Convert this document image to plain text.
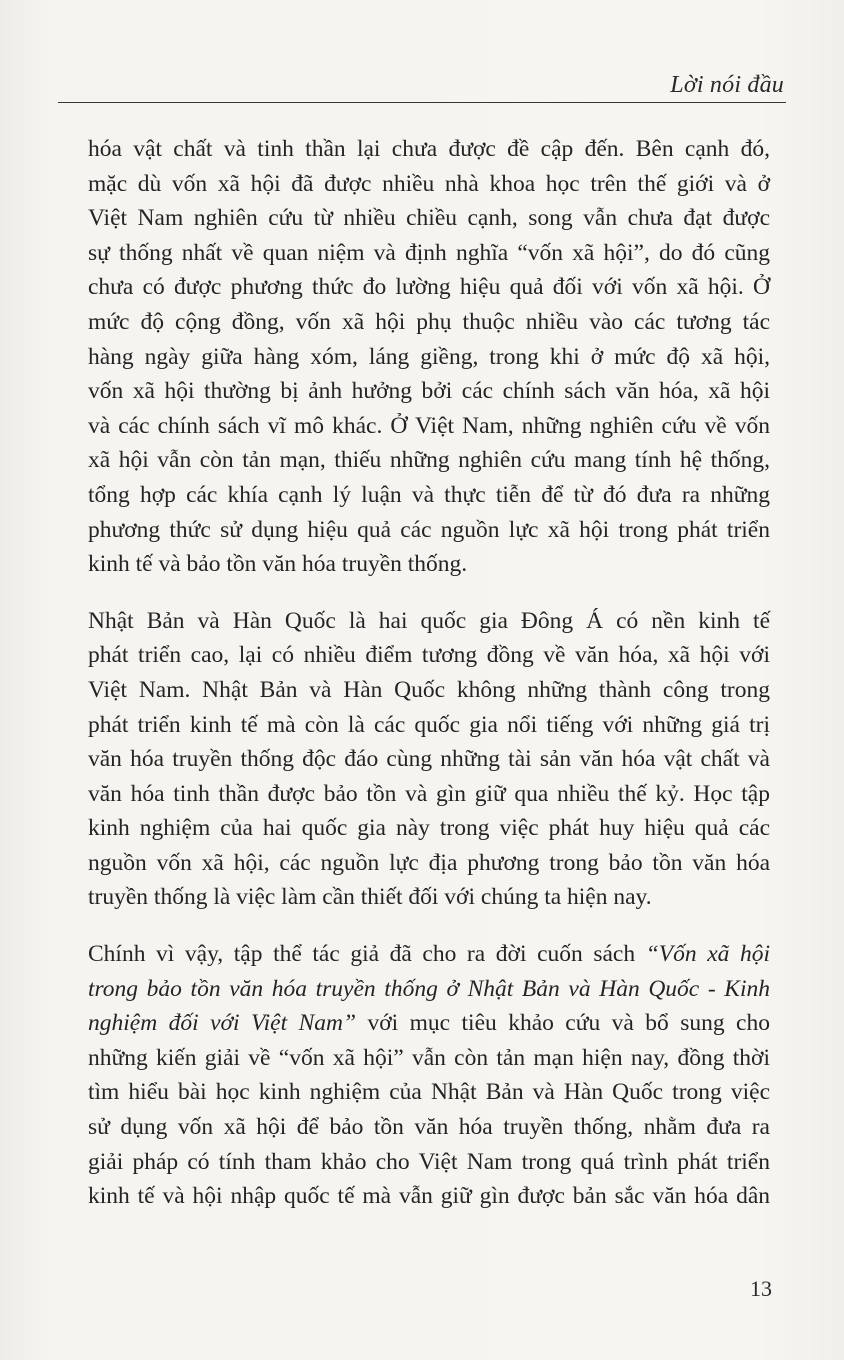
Lời nói đầu

hóa vật chất và tinh thần lại chưa được đề cập đến. Bên cạnh đó,

mặc dù vốn xã hội đã được nhiều nhà khoa học trên thế giới và ở

Việt Nam nghiên cứu từ nhiều chiều cạnh, song vẫn chưa đạt được

sự thống nhất về quan niệm và định nghĩa “vốn xã hội”, do đó cũng

chưa có được phương thức đo lường hiệu quả đối với vốn xã hội. Ở

mức độ cộng đồng, vốn xã hội phụ thuộc nhiều vào các tương tác

hàng ngày giữa hàng xóm, láng giềng, trong khi ở mức độ xã hội,

vốn xã hội thường bị ảnh hưởng bởi các chính sách văn hóa, xã hội

và các chính sách vĩ mô khác. Ở Việt Nam, những nghiên cứu về vốn

xã hội vẫn còn tản mạn, thiếu những nghiên cứu mang tính hệ thống,

tổng hợp các khía cạnh lý luận và thực tiễn để từ đó đưa ra những

phương thức sử dụng hiệu quả các nguồn lực xã hội trong phát triển

kinh tế và bảo tồn văn hóa truyền thống.

Nhật Bản và Hàn Quốc là hai quốc gia Đông Á có nền kinh tế

phát triển cao, lại có nhiều điểm tương đồng về văn hóa, xã hội với

Việt Nam. Nhật Bản và Hàn Quốc không những thành công trong

phát triển kinh tế mà còn là các quốc gia nổi tiếng với những giá trị

văn hóa truyền thống độc đáo cùng những tài sản văn hóa vật chất và

văn hóa tinh thần được bảo tồn và gìn giữ qua nhiều thế kỷ. Học tập

kinh nghiệm của hai quốc gia này trong việc phát huy hiệu quả các

nguồn vốn xã hội, các nguồn lực địa phương trong bảo tồn văn hóa

truyền thống là việc làm cần thiết đối với chúng ta hiện nay.

Chính vì vậy, tập thể tác giả đã cho ra đời cuốn sách “Vốn xã hội

trong bảo tồn văn hóa truyền thống ở Nhật Bản và Hàn Quốc - Kinh

nghiệm đối với Việt Nam” với mục tiêu khảo cứu và bổ sung cho

những kiến giải về “vốn xã hội” vẫn còn tản mạn hiện nay, đồng thời

tìm hiểu bài học kinh nghiệm của Nhật Bản và Hàn Quốc trong việc

sử dụng vốn xã hội để bảo tồn văn hóa truyền thống, nhằm đưa ra

giải pháp có tính tham khảo cho Việt Nam trong quá trình phát triển

kinh tế và hội nhập quốc tế mà vẫn giữ gìn được bản sắc văn hóa dân

13
